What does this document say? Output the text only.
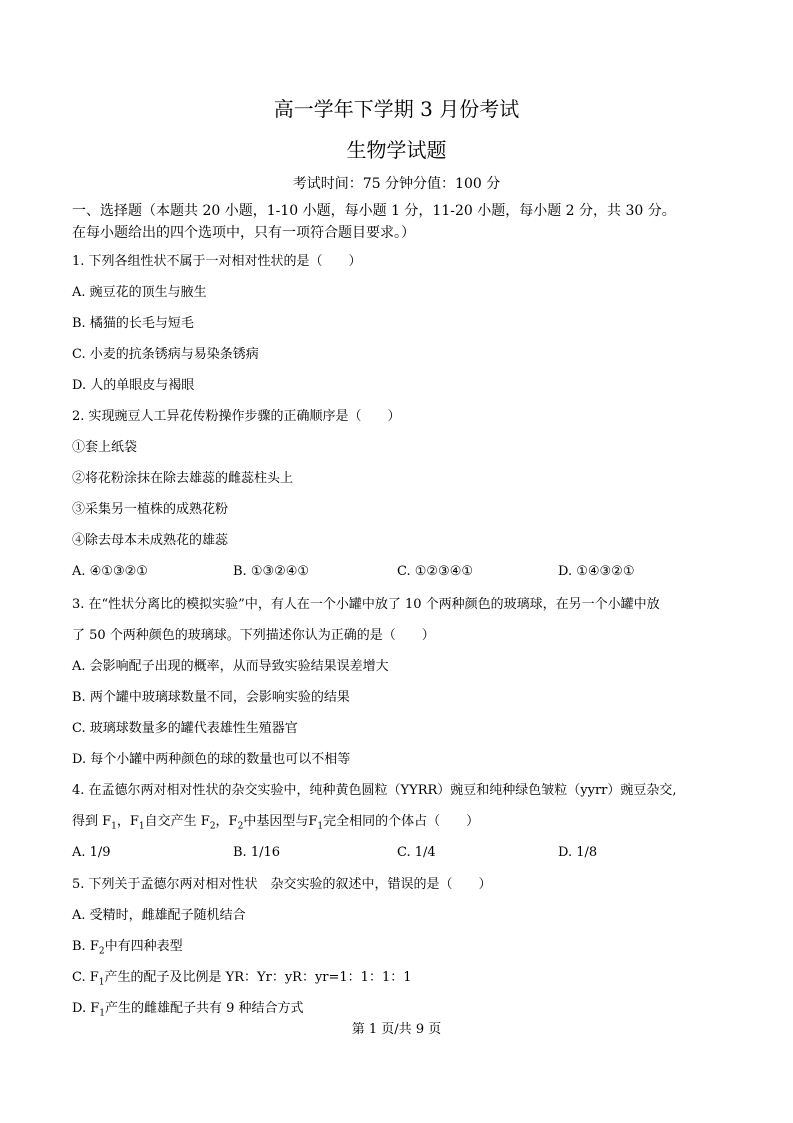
高一学年下学期 3 月份考试
生物学试题
考试时间：75 分钟分值：100 分
一、选择题（本题共 20 小题，1-10 小题，每小题 1 分，11-20 小题，每小题 2 分，共 30 分。
在每小题给出的四个选项中，只有一项符合题目要求。）
1. 下列各组性状不属于一对相对性状的是（　　）
A. 豌豆花的顶生与腋生
B. 橘猫的长毛与短毛
C. 小麦的抗条锈病与易染条锈病
D. 人的单眼皮与褐眼
2. 实现豌豆人工异花传粉操作步骤的正确顺序是（　　）
①套上纸袋
②将花粉涂抹在除去雄蕊的雌蕊柱头上
③采集另一植株的成熟花粉
④除去母本未成熟花的雄蕊
A. ④①③②①	B. ①③②④①	C. ①②③④①	D. ①④③②①
3. 在“性状分离比的模拟实验”中，有人在一个小罐中放了 10 个两种颜色的玻璃球，在另一个小罐中放
了 50 个两种颜色的玻璃球。下列描述你认为正确的是（　　）
A. 会影响配子出现的概率，从而导致实验结果误差增大
B. 两个罐中玻璃球数量不同，会影响实验的结果
C. 玻璃球数量多的罐代表雄性生殖器官
D. 每个小罐中两种颜色的球的数量也可以不相等
4. 在孟德尔两对相对性状的杂交实验中，纯种黄色圆粒（YYRR）豌豆和纯种绿色皱粒（yyrr）豌豆杂交,
得到 $F_1$，$F_1$自交产生 $F_2$，$F_2$中基因型与$F_1$完全相同的个体占（　　）
A. 1/9	B. 1/16	C. 1/4	D. 1/8
5. 下列关于孟德尔两对相对性状　杂交实验的叙述中，错误的是（　　）
A. 受精时，雌雄配子随机结合
B. $F_2$中有四种表型
C. $F_1$产生的配子及比例是 YR：Yr：yR：yr=1：1：1：1
D. $F_1$产生的雌雄配子共有 9 种结合方式
第 1 页/共 9 页
